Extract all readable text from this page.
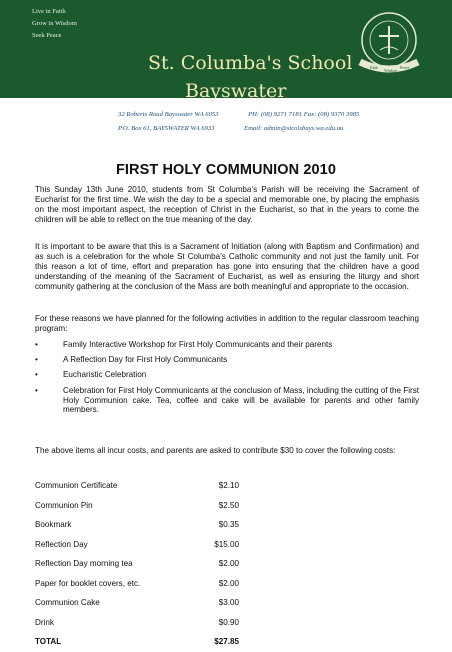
Live in Faith
Grow in Wisdom
Seek Peace
St. Columba's School
Bayswater
Faith
Wisdom
Peace
32 Roberts Road Bayswater WA 6053	PH: (08) 9271 7181 Fax: (08) 9370 3985
P.O. Box 61, BAYSWATER WA 6933	Email: admin@stcolsbays.wa.edu.au
FIRST HOLY COMMUNION 2010

This Sunday 13th June 2010, students from St Columba’s Parish will be receiving the Sacrament of Eucharist for the first time. We wish the day to be a special and memorable one, by placing the emphasis on the most important aspect, the reception of Christ in the Eucharist, so that in the years to come the children will be able to reflect on the true meaning of the day.

It is important to be aware that this is a Sacrament of Initiation (along with Baptism and Confirmation) and as such is a celebration for the whole St Columba’s Catholic community and not just the family unit. For this reason a lot of time, effort and preparation has gone into ensuring that the children have a good understanding of the meaning of the Sacrament of Eucharist, as well as ensuring the liturgy and short community gathering at the conclusion of the Mass are both meaningful and appropriate to the occasion.

For these reasons we have planned for the following activities in addition to the regular classroom teaching program:

•	Family Interactive Workshop for First Holy Communicants and their parents
•	A Reflection Day for First Holy Communicants
•	Eucharistic Celebration
•	Celebration for First Holy Communicants at the conclusion of Mass, including the cutting of the First Holy Communion cake. Tea, coffee and cake will be available for parents and other family members.

The above items all incur costs, and parents are asked to contribute $30 to cover the following costs:

Communion Certificate	$2.10
Communion Pin	$2.50
Bookmark	$0.35
Reflection Day	$15.00
Reflection Day morning tea	$2.00
Paper for booklet covers, etc.	$2.00
Communion Cake	$3.00
Drink	$0.90
TOTAL	$27.85
